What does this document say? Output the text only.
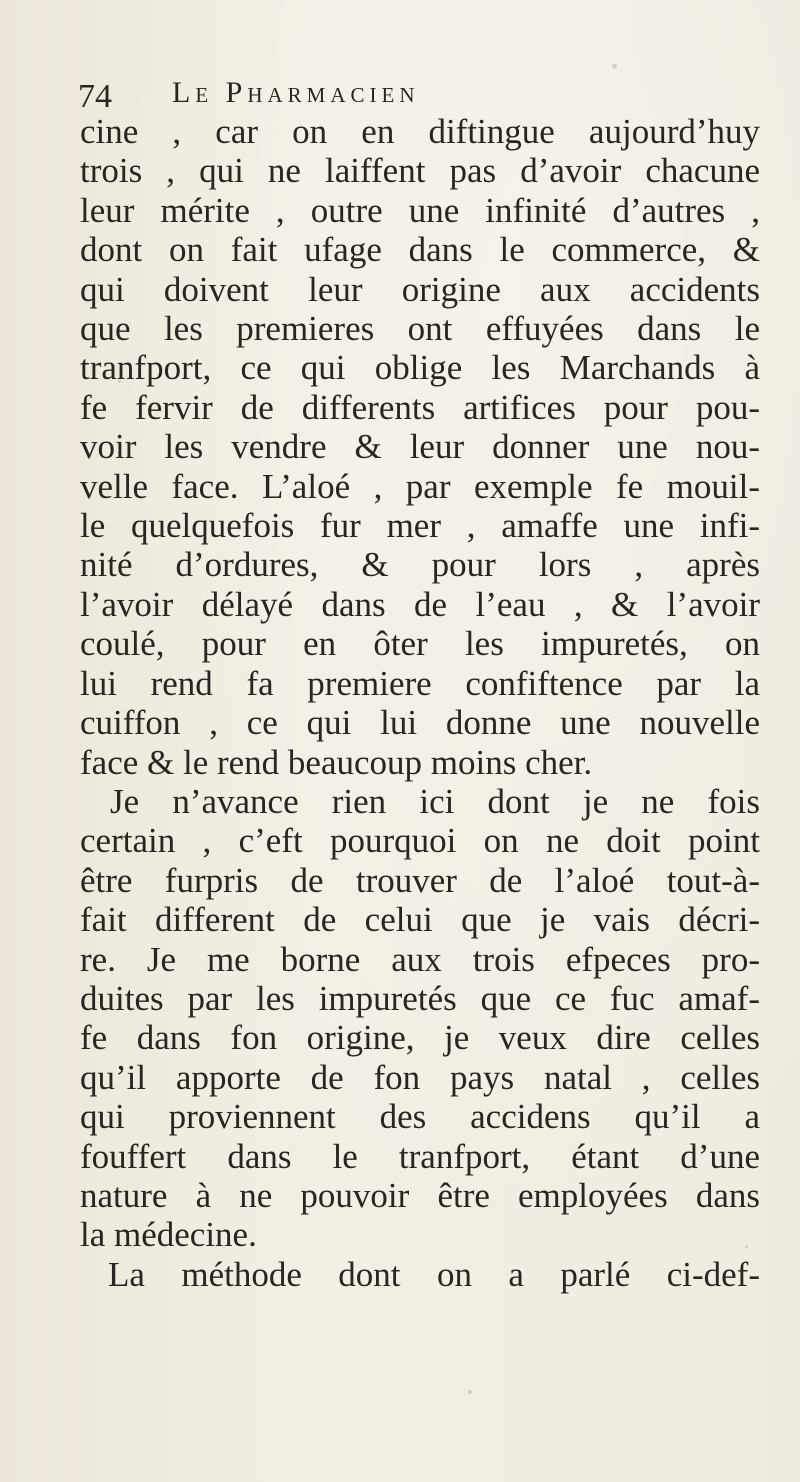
74 Le Pharmacien
cine , car on en diftingue aujourd’huy
trois , qui ne laiffent pas d’avoir chacune
leur mérite , outre une infinité d’autres ,
dont on fait ufage dans le commerce, &
qui doivent leur origine aux accidents
que les premieres ont effuyées dans le
tranfport, ce qui oblige les Marchands à
fe fervir de differents artifices pour pou-
voir les vendre & leur donner une nou-
velle face. L’aloé , par exemple fe mouil-
le quelquefois fur mer , amaffe une infi-
nité d’ordures, & pour lors , après
l’avoir délayé dans de l’eau , & l’avoir
coulé, pour en ôter les impuretés, on
lui rend fa premiere confiftence par la
cuiffon , ce qui lui donne une nouvelle
face & le rend beaucoup moins cher.
Je n’avance rien ici dont je ne fois
certain , c’eft pourquoi on ne doit point
être furpris de trouver de l’aloé tout-à-
fait different de celui que je vais décri-
re. Je me borne aux trois efpeces pro-
duites par les impuretés que ce fuc amaf-
fe dans fon origine, je veux dire celles
qu’il apporte de fon pays natal , celles
qui proviennent des accidens qu’il a
fouffert dans le tranfport, étant d’une
nature à ne pouvoir être employées dans
la médecine.
La méthode dont on a parlé ci-def-
